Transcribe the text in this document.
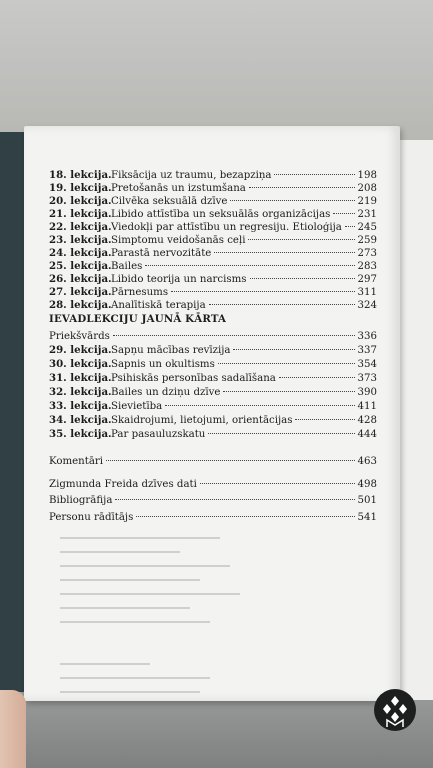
18. lekcija. Fiksācija uz traumu, bezapziņa	198
19. lekcija. Pretošanās un izstumšana	208
20. lekcija. Cilvēka seksuālā dzīve	219
21. lekcija. Libido attīstība un seksuālās organizācijas	231
22. lekcija. Viedokļi par attīstību un regresiju. Etioloģija 245
23. lekcija. Simptomu veidošanās ceļi	259
24. lekcija. Parastā nervozitāte	273
25. lekcija. Bailes	283
26. lekcija. Libido teorija un narcisms	297
27. lekcija. Pārnesums	311
28. lekcija. Analītiskā terapija	324
IEVADLEKCIJU JAUNĀ KĀRTA
Priekšvārds	336
29. lekcija. Sapņu mācības revīzija	337
30. lekcija. Sapnis un okultisms	354
31. lekcija. Psihiskās personības sadalīšana	373
32. lekcija. Bailes un dziņu dzīve	390
33. lekcija. Sievietība	411
34. lekcija. Skaidrojumi, lietojumi, orientācijas	428
35. lekcija. Par pasauluzskatu	444
Komentāri	463
Zigmunda Freida dzīves dati	498
Bibliogrāfija	501
Personu rādītājs	541
